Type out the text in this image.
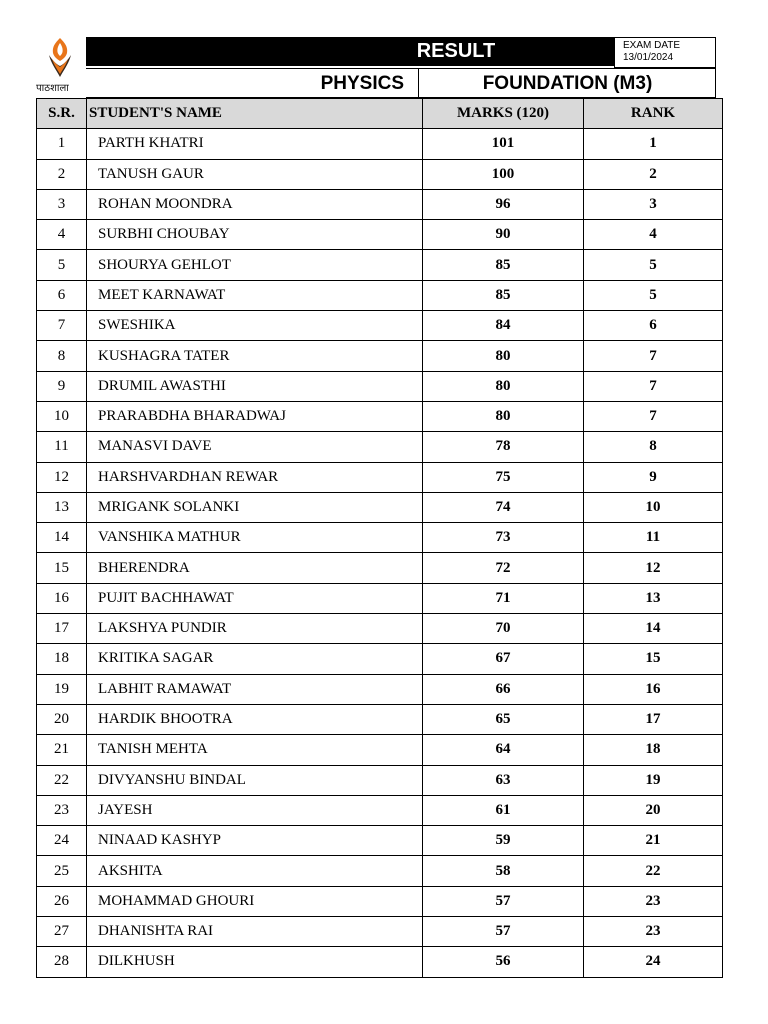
पाठशाला
RESULT	EXAM DATE
13/01/2024
PHYSICS	FOUNDATION (M3)
S.R.	STUDENT'S NAME	MARKS (120)	RANK
1	PARTH KHATRI	101	1
2	TANUSH GAUR	100	2
3	ROHAN MOONDRA	96	3
4	SURBHI CHOUBAY	90	4
5	SHOURYA GEHLOT	85	5
6	MEET KARNAWAT	85	5
7	SWESHIKA	84	6
8	KUSHAGRA TATER	80	7
9	DRUMIL AWASTHI	80	7
10	PRARABDHA BHARADWAJ	80	7
11	MANASVI DAVE	78	8
12	HARSHVARDHAN REWAR	75	9
13	MRIGANK SOLANKI	74	10
14	VANSHIKA MATHUR	73	11
15	BHERENDRA	72	12
16	PUJIT BACHHAWAT	71	13
17	LAKSHYA PUNDIR	70	14
18	KRITIKA SAGAR	67	15
19	LABHIT RAMAWAT	66	16
20	HARDIK BHOOTRA	65	17
21	TANISH MEHTA	64	18
22	DIVYANSHU BINDAL	63	19
23	JAYESH	61	20
24	NINAAD KASHYP	59	21
25	AKSHITA	58	22
26	MOHAMMAD GHOURI	57	23
27	DHANISHTA RAI	57	23
28	DILKHUSH	56	24
